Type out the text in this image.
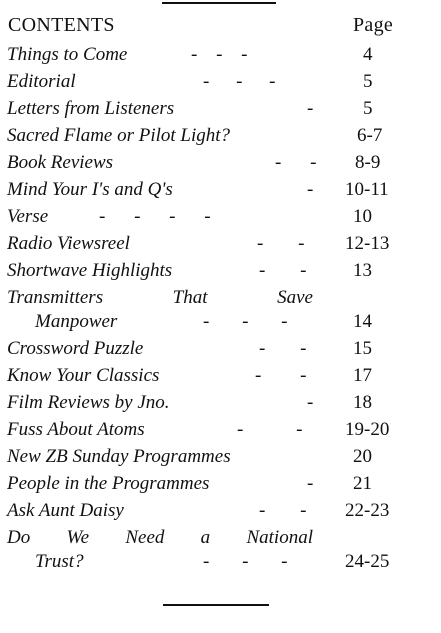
CONTENTS	Page
Things to Come	- - -	4
Editorial	- - -	5
Letters from Listeners	-	5
Sacred Flame or Pilot Light?	6-7
Book Reviews	- - 8-9
Mind Your I's and Q's	- 10-11
Verse	- - - -	10
Radio Viewsreel	- - 12-13
Shortwave Highlights	- - 13
Transmitters That Save
Manpower	- - -	14
Crossword Puzzle	- - 15
Know Your Classics	- - 17
Film Reviews by Jno.	- 18
Fuss About Atoms	- - 19-20
New ZB Sunday Programmes	20
People in the Programmes	- 21
Ask Aunt Daisy	- - 22-23
Do We Need a National
Trust?	- - -	24-25
